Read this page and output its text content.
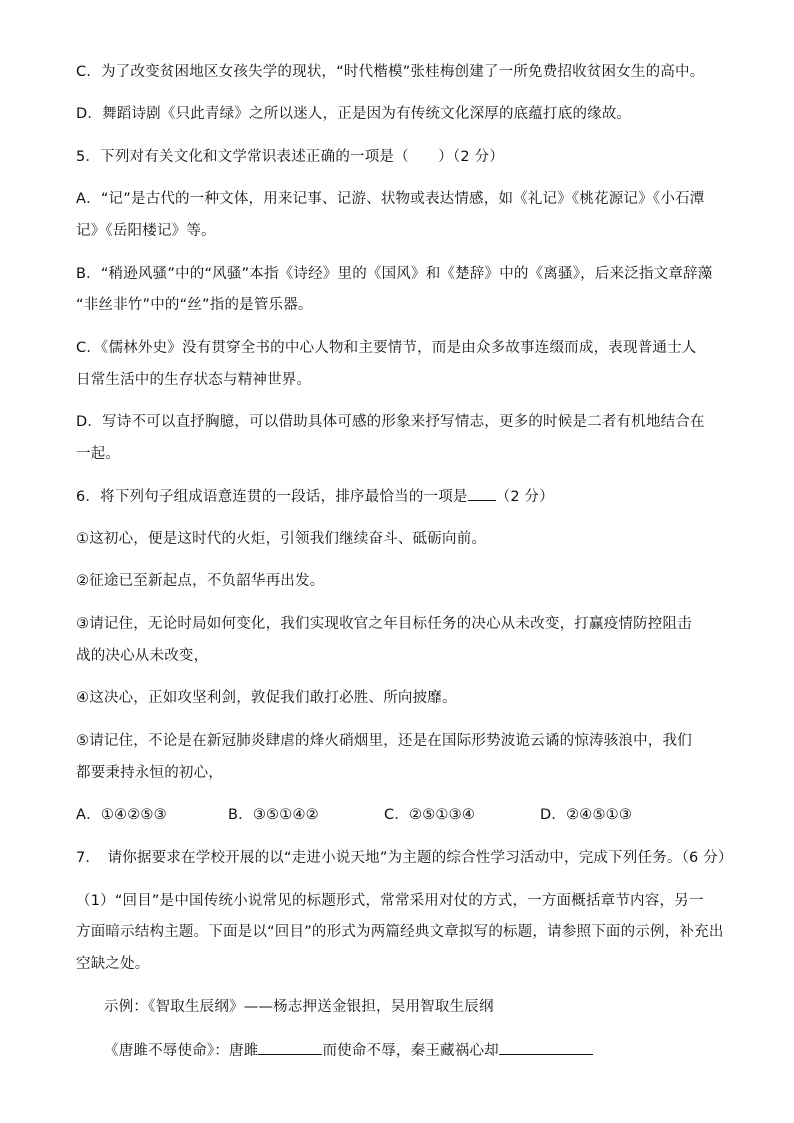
C．为了改变贫困地区女孩失学的现状，“时代楷模”张桂梅创建了一所免费招收贫困女生的高中。
D．舞蹈诗剧《只此青绿》之所以迷人，正是因为有传统文化深厚的底蕴打底的缘故。
5．下列对有关文化和文学常识表述正确的一项是（　　）（2 分）
A．“记”是古代的一种文体，用来记事、记游、状物或表达情感，如《礼记》《桃花源记》《小石潭
记》《岳阳楼记》等。
B．“稍逊风骚”中的“风骚”本指《诗经》里的《国风》和《楚辞》中的《离骚》，后来泛指文章辞藻
“非丝非竹”中的“丝”指的是管乐器。
C．《儒林外史》没有贯穿全书的中心人物和主要情节，而是由众多故事连缀而成，表现普通士人
日常生活中的生存状态与精神世界。
D．写诗不可以直抒胸臆，可以借助具体可感的形象来抒写情志，更多的时候是二者有机地结合在
一起。
6．将下列句子组成语意连贯的一段话，排序最恰当的一项是 （2 分）
①这初心，便是这时代的火炬，引领我们继续奋斗、砥砺向前。
②征途已至新起点，不负韶华再出发。
③请记住，无论时局如何变化，我们实现收官之年目标任务的决心从未改变，打赢疫情防控阻击
战的决心从未改变，
④这决心，正如攻坚利剑，敦促我们敢打必胜、所向披靡。
⑤请记住，不论是在新冠肺炎肆虐的烽火硝烟里，还是在国际形势波诡云谲的惊涛骇浪中，我们
都要秉持永恒的初心，
A．①④②⑤③	B．③⑤①④②	C．②⑤①③④	D．②④⑤①③
7．　请你据要求在学校开展的以“走进小说天地”为主题的综合性学习活动中，完成下列任务。（6 分）
（1）“回目”是中国传统小说常见的标题形式，常常采用对仗的方式，一方面概括章节内容，另一
方面暗示结构主题。下面是以“回目”的形式为两篇经典文章拟写的标题，请参照下面的示例，补充出
空缺之处。
示例：《智取生辰纲》——杨志押送金银担，吴用智取生辰纲
《唐雎不辱使命》：唐雎	而使命不辱，秦王藏祸心却
